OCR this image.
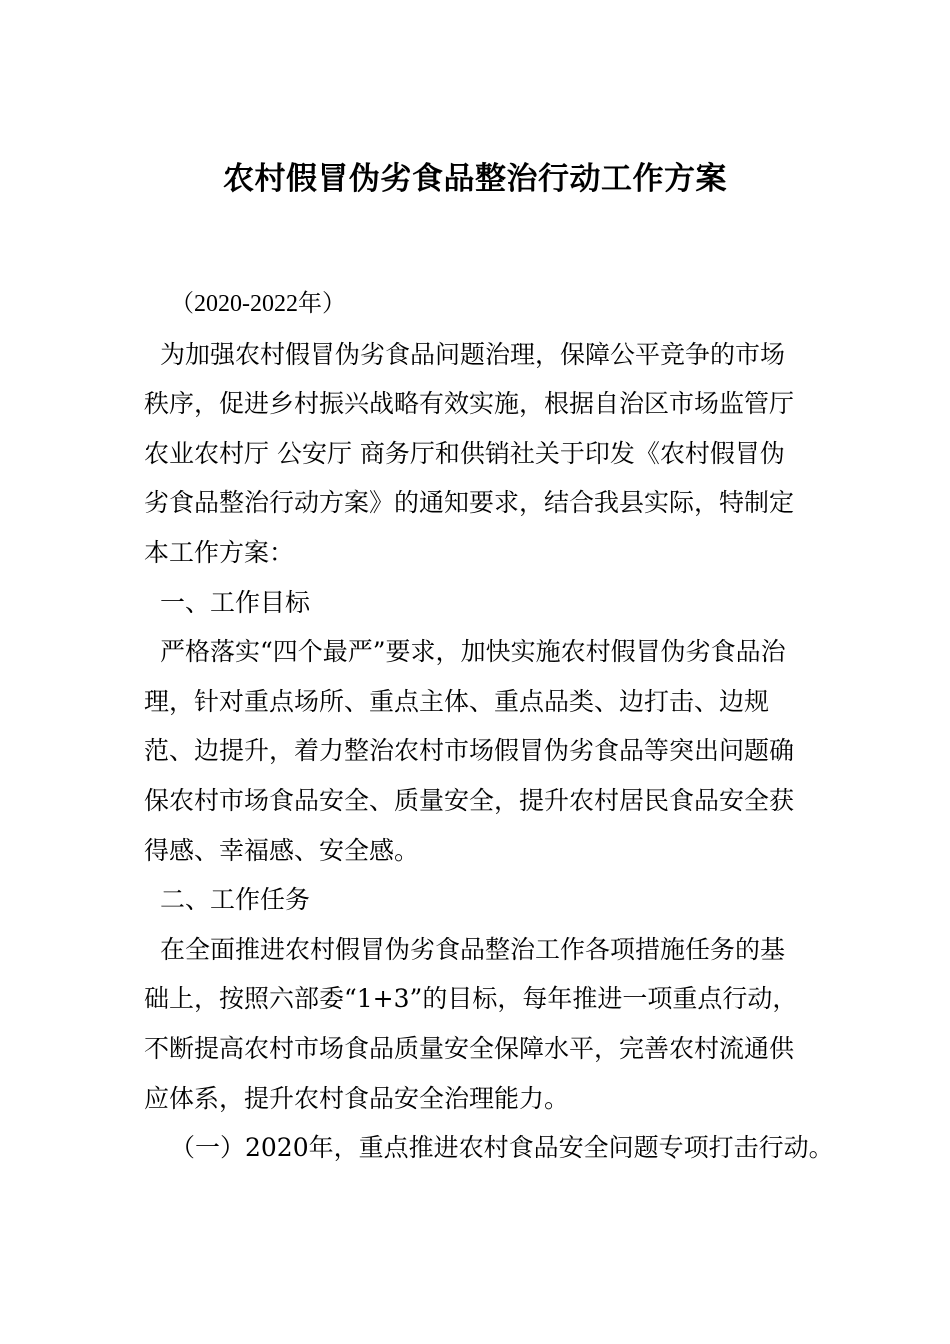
农村假冒伪劣食品整治行动工作方案

（2020-2022年）

为加强农村假冒伪劣食品问题治理，保障公平竞争的市场秩序，促进乡村振兴战略有效实施，根据自治区市场监管厅 农业农村厅 公安厅 商务厅和供销社关于印发《农村假冒伪劣食品整治行动方案》的通知要求，结合我县实际，特制定本工作方案：

一、工作目标

严格落实“四个最严”要求，加快实施农村假冒伪劣食品治理，针对重点场所、重点主体、重点品类、边打击、边规范、边提升，着力整治农村市场假冒伪劣食品等突出问题确保农村市场食品安全、质量安全，提升农村居民食品安全获得感、幸福感、安全感。

二、工作任务

在全面推进农村假冒伪劣食品整治工作各项措施任务的基础上，按照六部委“1+3”的目标，每年推进一项重点行动，不断提高农村市场食品质量安全保障水平，完善农村流通供应体系，提升农村食品安全治理能力。

（一）2020年，重点推进农村食品安全问题专项打击行动。
